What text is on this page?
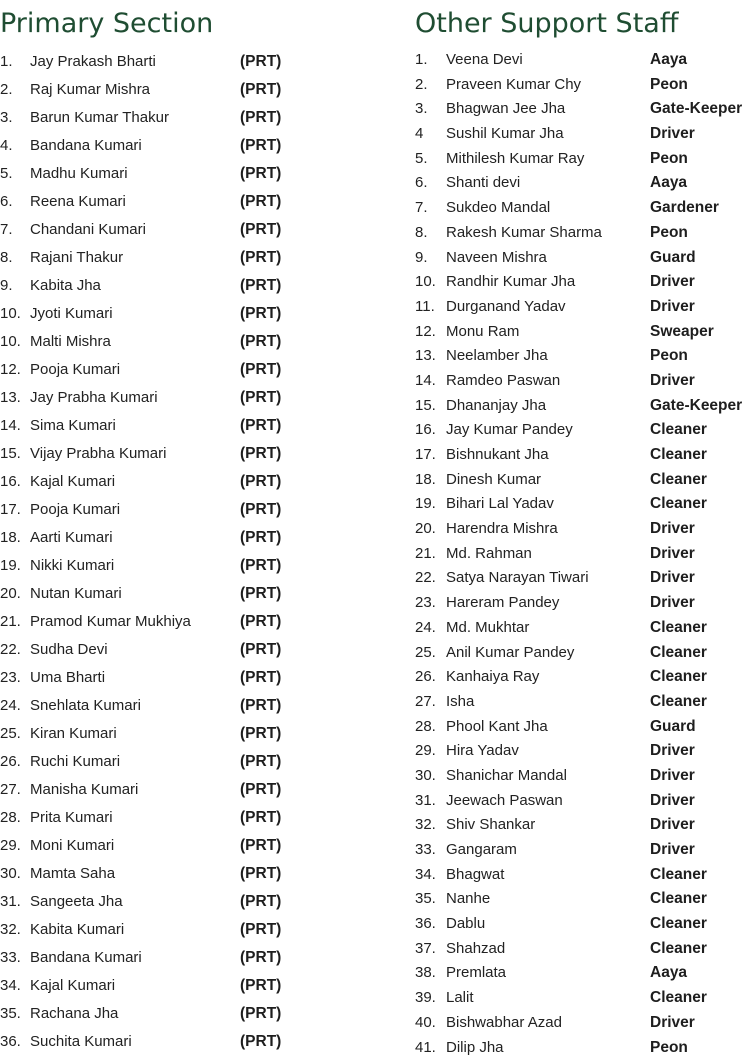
Primary Section
1. Jay Prakash Bharti	(PRT)
2. Raj Kumar Mishra	(PRT)
3. Barun Kumar Thakur	(PRT)
4. Bandana Kumari	(PRT)
5. Madhu Kumari	(PRT)
6. Reena Kumari	(PRT)
7. Chandani Kumari	(PRT)
8. Rajani Thakur	(PRT)
9. Kabita Jha	(PRT)
10. Jyoti Kumari	(PRT)
10. Malti Mishra	(PRT)
12. Pooja Kumari	(PRT)
13. Jay Prabha Kumari	(PRT)
14. Sima Kumari	(PRT)
15. Vijay Prabha Kumari	(PRT)
16. Kajal Kumari	(PRT)
17. Pooja Kumari	(PRT)
18. Aarti Kumari	(PRT)
19. Nikki Kumari	(PRT)
20. Nutan Kumari	(PRT)
21. Pramod Kumar Mukhiya	(PRT)
22. Sudha Devi	(PRT)
23. Uma Bharti	(PRT)
24. Snehlata Kumari	(PRT)
25. Kiran Kumari	(PRT)
26. Ruchi Kumari	(PRT)
27. Manisha Kumari	(PRT)
28. Prita Kumari	(PRT)
29. Moni Kumari	(PRT)
30. Mamta Saha	(PRT)
31. Sangeeta Jha	(PRT)
32. Kabita Kumari	(PRT)
33. Bandana Kumari	(PRT)
34. Kajal Kumari	(PRT)
35. Rachana Jha	(PRT)
36. Suchita Kumari	(PRT)
Other Support Staff
1. Veena Devi	Aaya
2. Praveen Kumar Chy	Peon
3. Bhagwan Jee Jha	Gate-Keeper
4 Sushil Kumar Jha	Driver
5. Mithilesh Kumar Ray	Peon
6. Shanti devi	Aaya
7. Sukdeo Mandal	Gardener
8. Rakesh Kumar Sharma	Peon
9. Naveen Mishra	Guard
10. Randhir Kumar Jha	Driver
11. Durganand Yadav	Driver
12. Monu Ram	Sweaper
13. Neelamber Jha	Peon
14. Ramdeo Paswan	Driver
15. Dhananjay Jha	Gate-Keeper
16. Jay Kumar Pandey	Cleaner
17. Bishnukant Jha	Cleaner
18. Dinesh Kumar	Cleaner
19. Bihari Lal Yadav	Cleaner
20. Harendra Mishra	Driver
21. Md. Rahman	Driver
22. Satya Narayan Tiwari	Driver
23. Hareram Pandey	Driver
24. Md. Mukhtar	Cleaner
25. Anil Kumar Pandey	Cleaner
26. Kanhaiya Ray	Cleaner
27. Isha	Cleaner
28. Phool Kant Jha	Guard
29. Hira Yadav	Driver
30. Shanichar Mandal	Driver
31. Jeewach Paswan	Driver
32. Shiv Shankar	Driver
33. Gangaram	Driver
34. Bhagwat	Cleaner
35. Nanhe	Cleaner
36. Dablu	Cleaner
37. Shahzad	Cleaner
38. Premlata	Aaya
39. Lalit	Cleaner
40. Bishwabhar Azad	Driver
41. Dilip Jha	Peon
